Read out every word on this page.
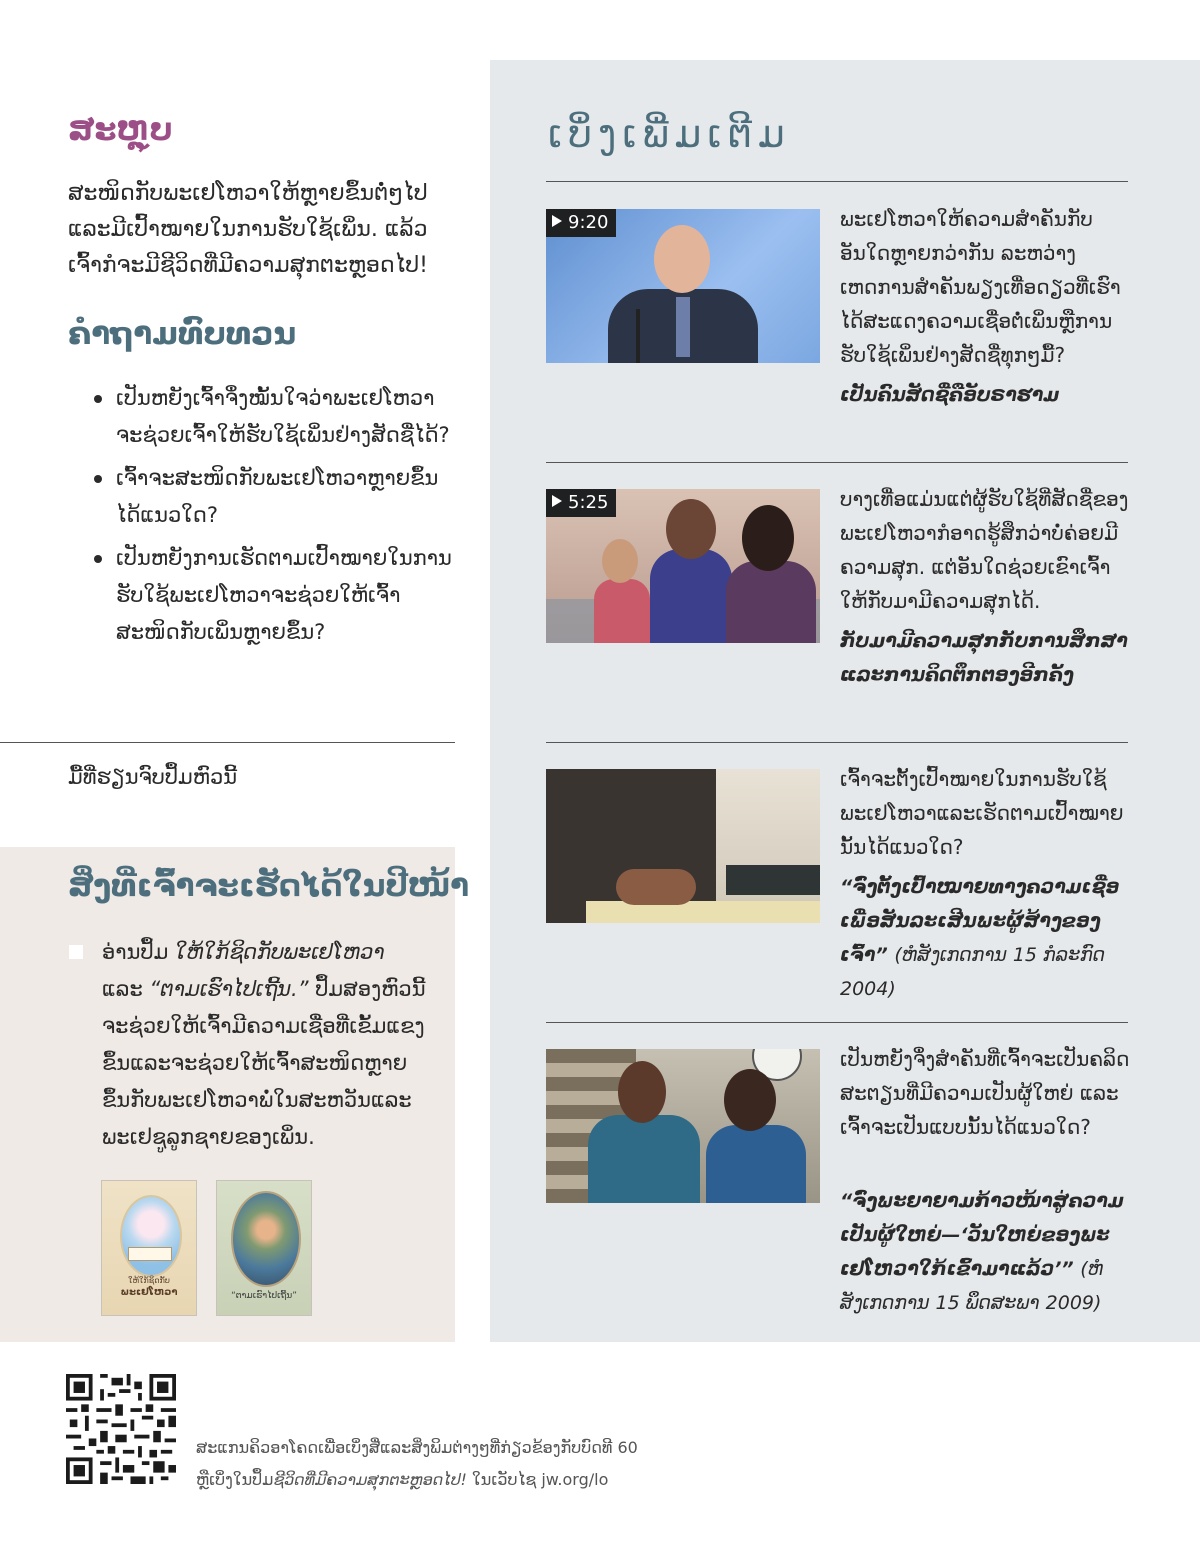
ສະຫຼຸບ

ສະໜິດກັບພະເຢໂຫວາໃຫ້ຫຼາຍຂຶ້ນຕໍ່ໆໄປ ແລະມີເປົ້າໝາຍໃນການຮັບໃຊ້ເພິ່ນ. ແລ້ວເຈົ້າກໍຈະມີຊີວິດທີ່ມີຄວາມສຸກຕະຫຼອດໄປ!

ຄຳຖາມທົບທວນ
ເປັນຫຍັງເຈົ້າຈຶ່ງໝັ້ນໃຈວ່າພະເຢໂຫວາຈະຊ່ວຍເຈົ້າໃຫ້ຮັບໃຊ້ເພິ່ນຢ່າງສັດຊື່ໄດ້?
ເຈົ້າຈະສະໜິດກັບພະເຢໂຫວາຫຼາຍຂຶ້ນໄດ້ແນວໃດ?
ເປັນຫຍັງການເຮັດຕາມເປົ້າໝາຍໃນການຮັບໃຊ້ພະເຢໂຫວາຈະຊ່ວຍໃຫ້ເຈົ້າສະໜິດກັບເພິ່ນຫຼາຍຂຶ້ນ?
ມື້ທີ່ຮຽນຈົບປຶ້ມຫົວນີ້
ສິ່ງທີ່ເຈົ້າຈະເຮັດໄດ້ໃນປີໜ້າ

ອ່ານປຶ້ມ ໃຫ້ໃກ້ຊິດກັບພະເຢໂຫວາ ແລະ “ຕາມເຮົາໄປເຖີ້ນ.” ປຶ້ມສອງຫົວນີ້ຈະຊ່ວຍໃຫ້ເຈົ້າມີຄວາມເຊື່ອທີ່ເຂັ້ມແຂງຂຶ້ນແລະຈະຊ່ວຍໃຫ້ເຈົ້າສະໜິດຫຼາຍຂຶ້ນກັບພະເຢໂຫວາພໍ່ໃນສະຫວັນແລະພະເຢຊູລູກຊາຍຂອງເພິ່ນ.

ໃຫ້ໃກ້ຊິດກັບ
ພະເຢໂຫວາ	“ຕາມເຮົາໄປເຖີ້ນ”
ເບິ່ງເພີ່ມເຕີມ
9:20	ພະເຢໂຫວາໃຫ້ຄວາມສຳຄັນກັບອັນໃດຫຼາຍກວ່າກັນ ລະຫວ່າງເຫດການສຳຄັນພຽງເທື່ອດຽວທີ່ເຮົາໄດ້ສະແດງຄວາມເຊື່ອຕໍ່ເພິ່ນຫຼືການຮັບໃຊ້ເພິ່ນຢ່າງສັດຊື່ທຸກໆມື້?

ເປັນຄົນສັດຊື່ຄືອັບຣາຮາມ

5:25	ບາງເທື່ອແມ່ນແຕ່ຜູ້ຮັບໃຊ້ທີ່ສັດຊື່ຂອງພະເຢໂຫວາກໍອາດຮູ້ສຶກວ່າບໍ່ຄ່ອຍມີຄວາມສຸກ. ແຕ່ອັນໃດຊ່ວຍເຂົາເຈົ້າໃຫ້ກັບມາມີຄວາມສຸກໄດ້.

ກັບມາມີຄວາມສຸກກັບການສຶກສາແລະການຄິດຕຶກຕອງອີກຄັ້ງ

ເຈົ້າຈະຕັ້ງເປົ້າໝາຍໃນການຮັບໃຊ້ພະເຢໂຫວາແລະເຮັດຕາມເປົ້າໝາຍນັ້ນໄດ້ແນວໃດ?

“ຈົ່ງຕັ້ງເປົ້າໝາຍທາງຄວາມເຊື່ອເພື່ອສັນລະເສີນພະຜູ້ສ້າງຂອງເຈົ້າ” (ຫໍສັງເກດການ 15 ກໍລະກົດ 2004)

ເປັນຫຍັງຈຶ່ງສຳຄັນທີ່ເຈົ້າຈະເປັນຄລິດສະຕຽນທີ່ມີຄວາມເປັນຜູ້ໃຫຍ່ ແລະເຈົ້າຈະເປັນແບບນັ້ນໄດ້ແນວໃດ?

“ຈົ່ງພະຍາຍາມກ້າວໜ້າສູ່ຄວາມເປັນຜູ້ໃຫຍ່—‘ວັນໃຫຍ່ຂອງພະເຢໂຫວາໃກ້ເຂົ້າມາແລ້ວ’” (ຫໍສັງເກດການ 15 ພຶດສະພາ 2009)

ສະແກນຄິວອາໂຄດເພື່ອເບິ່ງສື່ແລະສິ່ງພິມຕ່າງໆທີ່ກ່ຽວຂ້ອງກັບບົດທີ 60
ຫຼືເບິ່ງໃນປຶ້ມຊີວິດທີ່ມີຄວາມສຸກຕະຫຼອດໄປ! ໃນເວັບໄຊ jw.org/lo
